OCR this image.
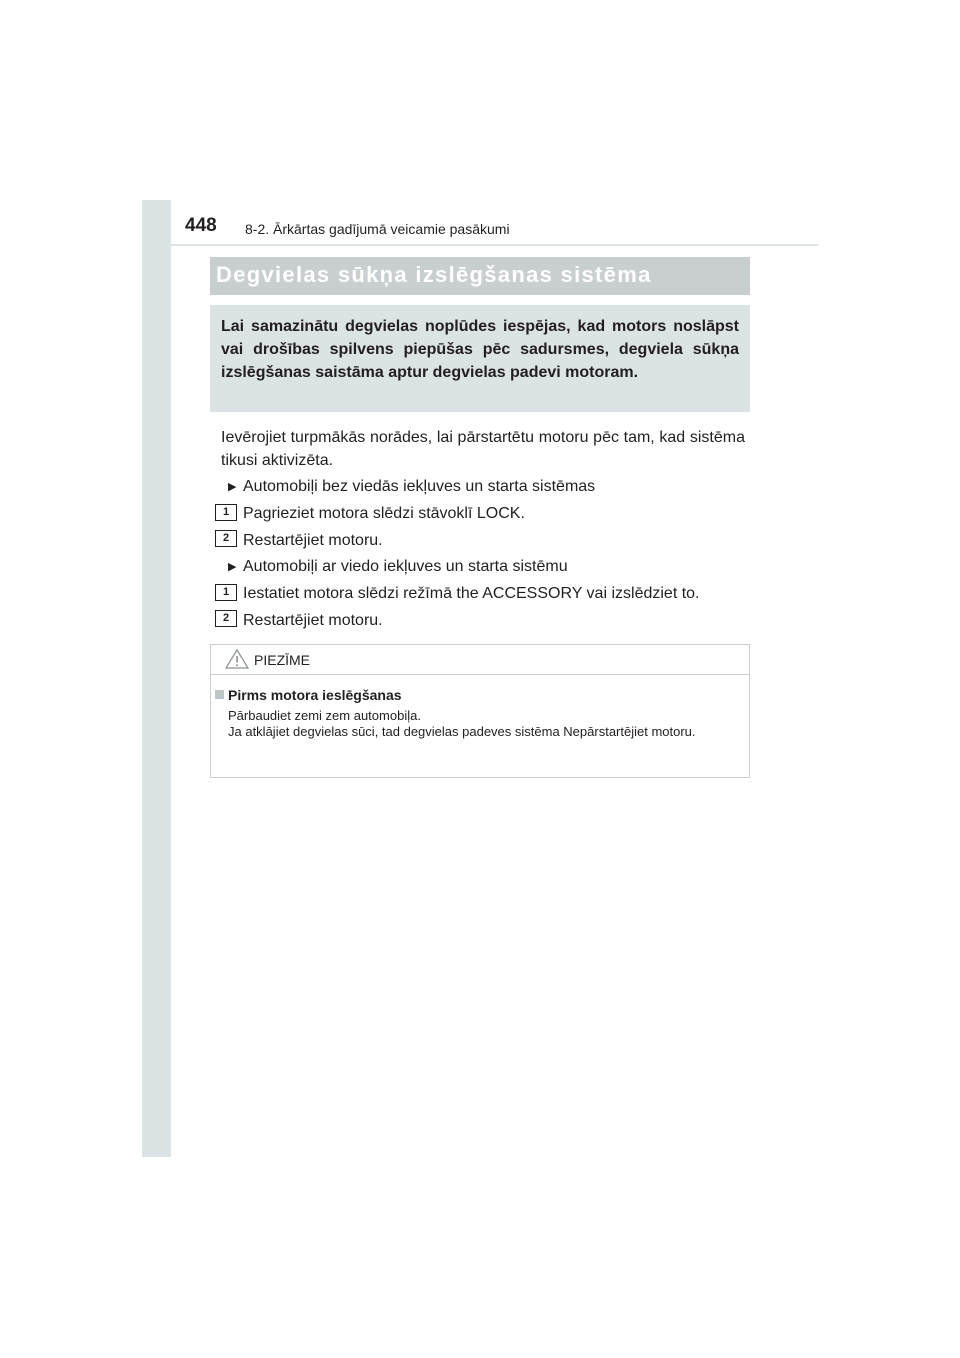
448 8-2. Ārkārtas gadījumā veicamie pasākumi
Degvielas sūkņa izslēgšanas sistēma
Lai samazinātu degvielas noplūdes iespējas, kad motors noslāpst vai drošības spilvens piepūšas pēc sadursmes, degviela sūkņa izslēgšanas saistāma aptur degvielas padevi motoram.
Ievērojiet turpmākās norādes, lai pārstartētu motoru pēc tam, kad sistēma tikusi aktivizēta.
▶ Automobiļi bez viedās iekļuves un starta sistēmas
1 Pagrieziet motora slēdzi stāvoklī LOCK.
2 Restartējiet motoru.
▶ Automobiļi ar viedo iekļuves un starta sistēmu
1 Iestatiet motora slēdzi režīmā the ACCESSORY vai izslēdziet to.
2 Restartējiet motoru.
PIEZĪME
Pirms motora ieslēgšanas
Pārbaudiet zemi zem automobiļa.
Ja atklājiet degvielas sūci, tad degvielas padeves sistēma Nepārstartējiet motoru.
